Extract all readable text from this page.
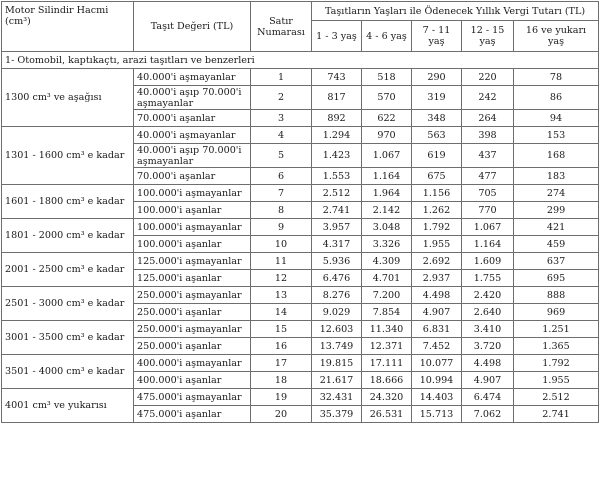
Motor Silindir Hacmi (cm³)	Taşıt Değeri (TL)	Satır Numarası	Taşıtların Yaşları ile Ödenecek Yıllık Vergi Tutarı (TL)				
			1 - 3 yaş	4 - 6 yaş	7 - 11 yaş	12 - 15 yaş	16 ve yukarı yaş
1- Otomobil, kaptıkaçtı, arazi taşıtları ve benzerleri							
1300 cm³ ve aşağısı	40.000'i aşmayanlar	1	743	518	290	220	78
	40.000'i aşıp 70.000'i aşmayanlar	2	817	570	319	242	86
	70.000'i aşanlar	3	892	622	348	264	94
1301 - 1600 cm³ e kadar	40.000'i aşmayanlar	4	1.294	970	563	398	153
	40.000'i aşıp 70.000'i aşmayanlar	5	1.423	1.067	619	437	168
	70.000'i aşanlar	6	1.553	1.164	675	477	183
1601 - 1800 cm³ e kadar	100.000'i aşmayanlar	7	2.512	1.964	1.156	705	274
	100.000'i aşanlar	8	2.741	2.142	1.262	770	299
1801 - 2000 cm³ e kadar	100.000'i aşmayanlar	9	3.957	3.048	1.792	1.067	421
	100.000'i aşanlar	10	4.317	3.326	1.955	1.164	459
2001 - 2500 cm³ e kadar	125.000'i aşmayanlar	11	5.936	4.309	2.692	1.609	637
	125.000'i aşanlar	12	6.476	4.701	2.937	1.755	695
2501 - 3000 cm³ e kadar	250.000'i aşmayanlar	13	8.276	7.200	4.498	2.420	888
	250.000'i aşanlar	14	9.029	7.854	4.907	2.640	969
3001 - 3500 cm³ e kadar	250.000'i aşmayanlar	15	12.603	11.340	6.831	3.410	1.251
	250.000'i aşanlar	16	13.749	12.371	7.452	3.720	1.365
3501 - 4000 cm³ e kadar	400.000'i aşmayanlar	17	19.815	17.111	10.077	4.498	1.792
	400.000'i aşanlar	18	21.617	18.666	10.994	4.907	1.955
4001 cm³ ve yukarısı	475.000'i aşmayanlar	19	32.431	24.320	14.403	6.474	2.512
	475.000'i aşanlar	20	35.379	26.531	15.713	7.062	2.741
